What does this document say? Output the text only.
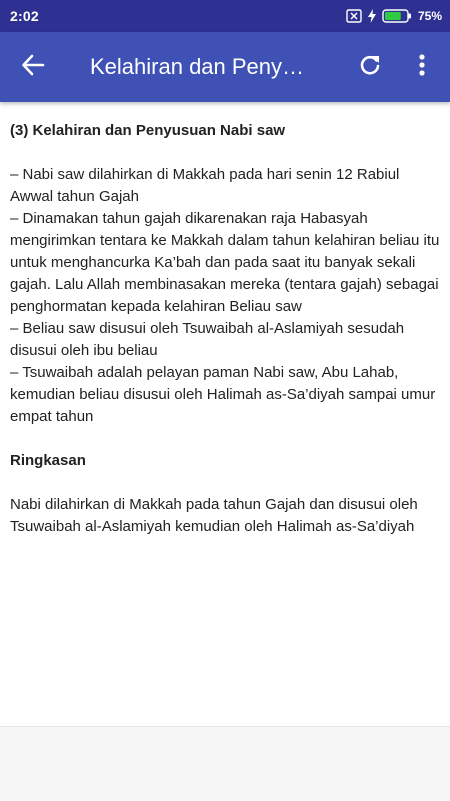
2:02	75%
Kelahiran dan Peny…

(3) Kelahiran dan Penyusuan Nabi saw

– Nabi saw dilahirkan di Makkah pada hari senin 12 Rabiul Awwal tahun Gajah

– Dinamakan tahun gajah dikarenakan raja Habasyah mengirimkan tentara ke Makkah dalam tahun kelahiran beliau itu untuk menghancurka Ka’bah dan pada saat itu banyak sekali gajah. Lalu Allah membinasakan mereka (tentara gajah) sebagai penghormatan kepada kelahiran Beliau saw

– Beliau saw disusui oleh Tsuwaibah al-Aslamiyah sesudah disusui oleh ibu beliau

– Tsuwaibah adalah pelayan paman Nabi saw, Abu Lahab, kemudian beliau disusui oleh Halimah as-Sa’diyah sampai umur empat tahun

Ringkasan

Nabi dilahirkan di Makkah pada tahun Gajah dan disusui oleh Tsuwaibah al-Aslamiyah kemudian oleh Halimah as-Sa’diyah
